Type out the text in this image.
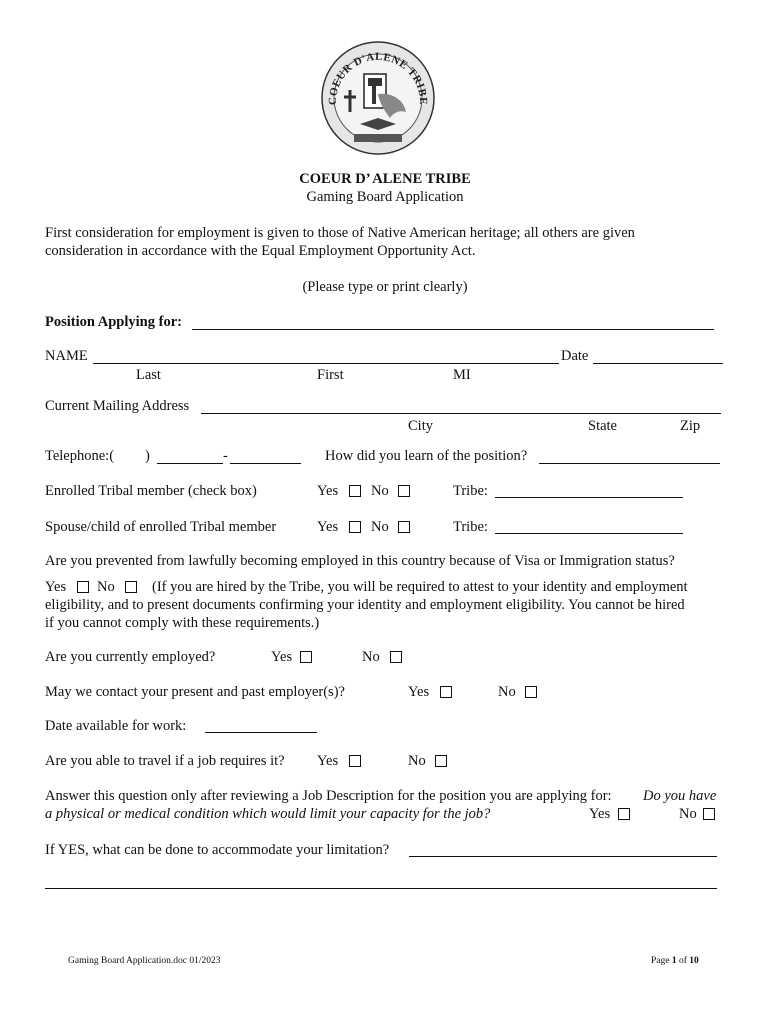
COEUR D'ALENE TRIBE
COEUR D’ ALENE TRIBE
Gaming Board Application
First consideration for employment is given to those of Native American heritage; all others are given
consideration in accordance with the Equal Employment Opportunity Act.
(Please type or print clearly)
Position Applying for:
NAME	Date
Last	First	MI
Current Mailing Address
City	State	Zip
Telephone:( )	-	How did you learn of the position?
Enrolled Tribal member (check box)	Yes No	Tribe:
Spouse/child of enrolled Tribal member	Yes No	Tribe:
Are you prevented from lawfully becoming employed in this country because of Visa or Immigration status?
Yes No	(If you are hired by the Tribe, you will be required to attest to your identity and employment
eligibility, and to present documents confirming your identity and employment eligibility. You cannot be hired
if you cannot comply with these requirements.)
Are you currently employed?	Yes	No
May we contact your present and past employer(s)?	Yes	No
Date available for work:
Are you able to travel if a job requires it? Yes	No
Answer this question only after reviewing a Job Description for the position you are applying for: Do you have
a physical or medical condition which would limit your capacity for the job?	Yes	No
If YES, what can be done to accommodate your limitation?
Gaming Board Application.doc 01/2023	Page 1 of 10
